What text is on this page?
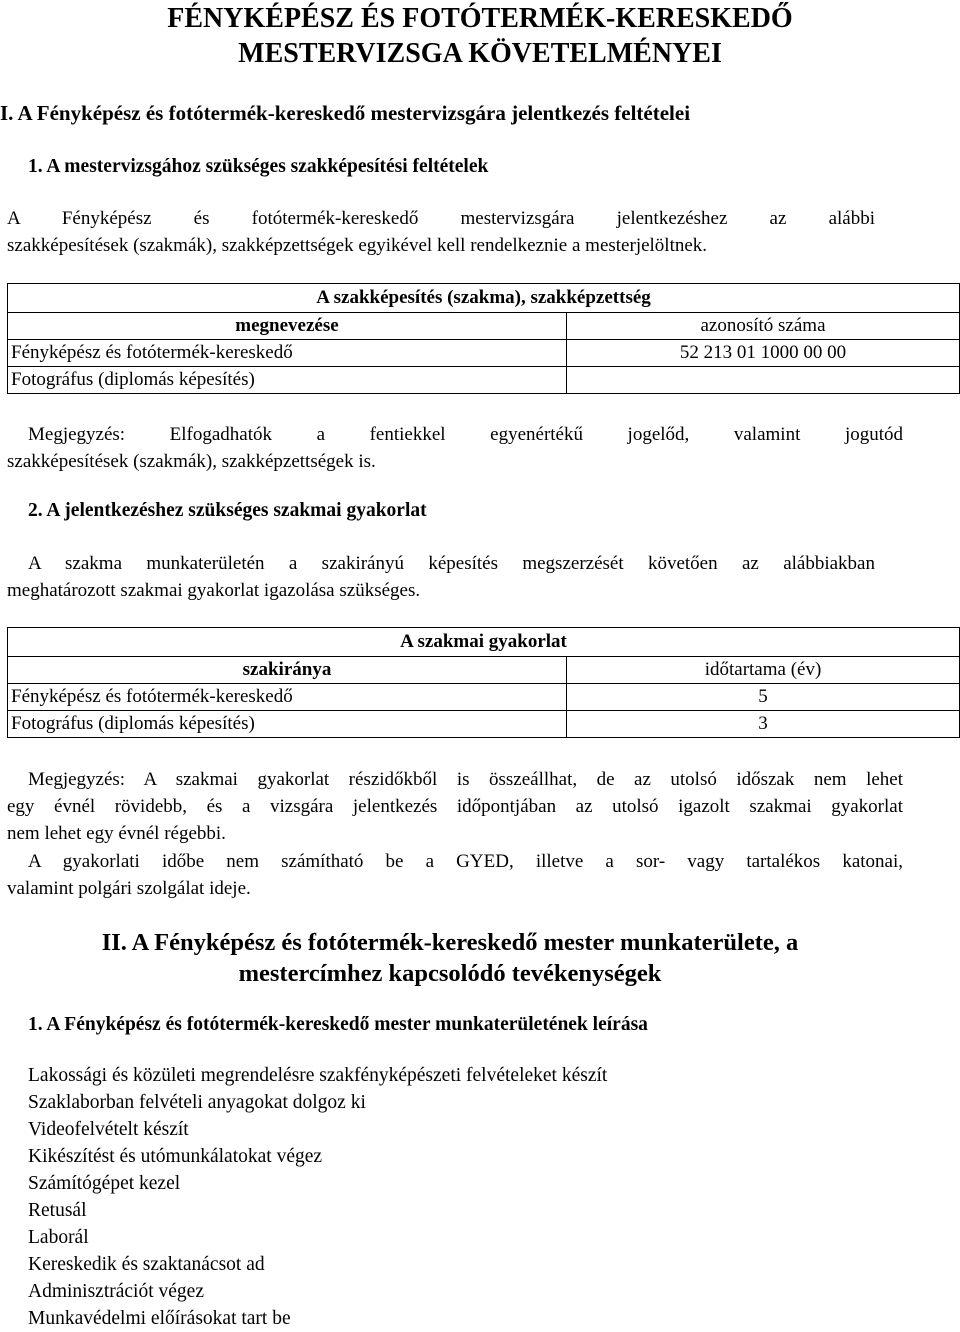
FÉNYKÉPÉSZ ÉS FOTÓTERMÉK-KERESKEDŐ
MESTERVIZSGA KÖVETELMÉNYEI
I. A Fényképész és fotótermék-kereskedő mestervizsgára jelentkezés feltételei
1. A mestervizsgához szükséges szakképesítési feltételek
A Fényképész és fotótermék-kereskedő mestervizsgára jelentkezéshez az alábbi
szakképesítések (szakmák), szakképzettségek egyikével kell rendelkeznie a mesterjelöltnek.
A szakképesítés (szakma), szakképzettség	
megnevezése	azonosító száma
Fényképész és fotótermék-kereskedő	52 213 01 1000 00 00
Fotográfus (diplomás képesítés)	
Megjegyzés: Elfogadhatók a fentiekkel egyenértékű jogelőd, valamint jogutód
szakképesítések (szakmák), szakképzettségek is.
2. A jelentkezéshez szükséges szakmai gyakorlat
A szakma munkaterületén a szakirányú képesítés megszerzését követően az alábbiakban
meghatározott szakmai gyakorlat igazolása szükséges.
A szakmai gyakorlat	
szakiránya	időtartama (év)
Fényképész és fotótermék-kereskedő	5
Fotográfus (diplomás képesítés)	3
Megjegyzés: A szakmai gyakorlat részidőkből is összeállhat, de az utolsó időszak nem lehet
egy évnél rövidebb, és a vizsgára jelentkezés időpontjában az utolsó igazolt szakmai gyakorlat
nem lehet egy évnél régebbi.
A gyakorlati időbe nem számítható be a GYED, illetve a sor- vagy tartalékos katonai,
valamint polgári szolgálat ideje.
II. A Fényképész és fotótermék-kereskedő mester munkaterülete, a
mestercímhez kapcsolódó tevékenységek
1. A Fényképész és fotótermék-kereskedő mester munkaterületének leírása
Lakossági és közületi megrendelésre szakfényképészeti felvételeket készít
Szaklaborban felvételi anyagokat dolgoz ki
Videofelvételt készít
Kikészítést és utómunkálatokat végez
Számítógépet kezel
Retusál
Laborál
Kereskedik és szaktanácsot ad
Adminisztrációt végez
Munkavédelmi előírásokat tart be
